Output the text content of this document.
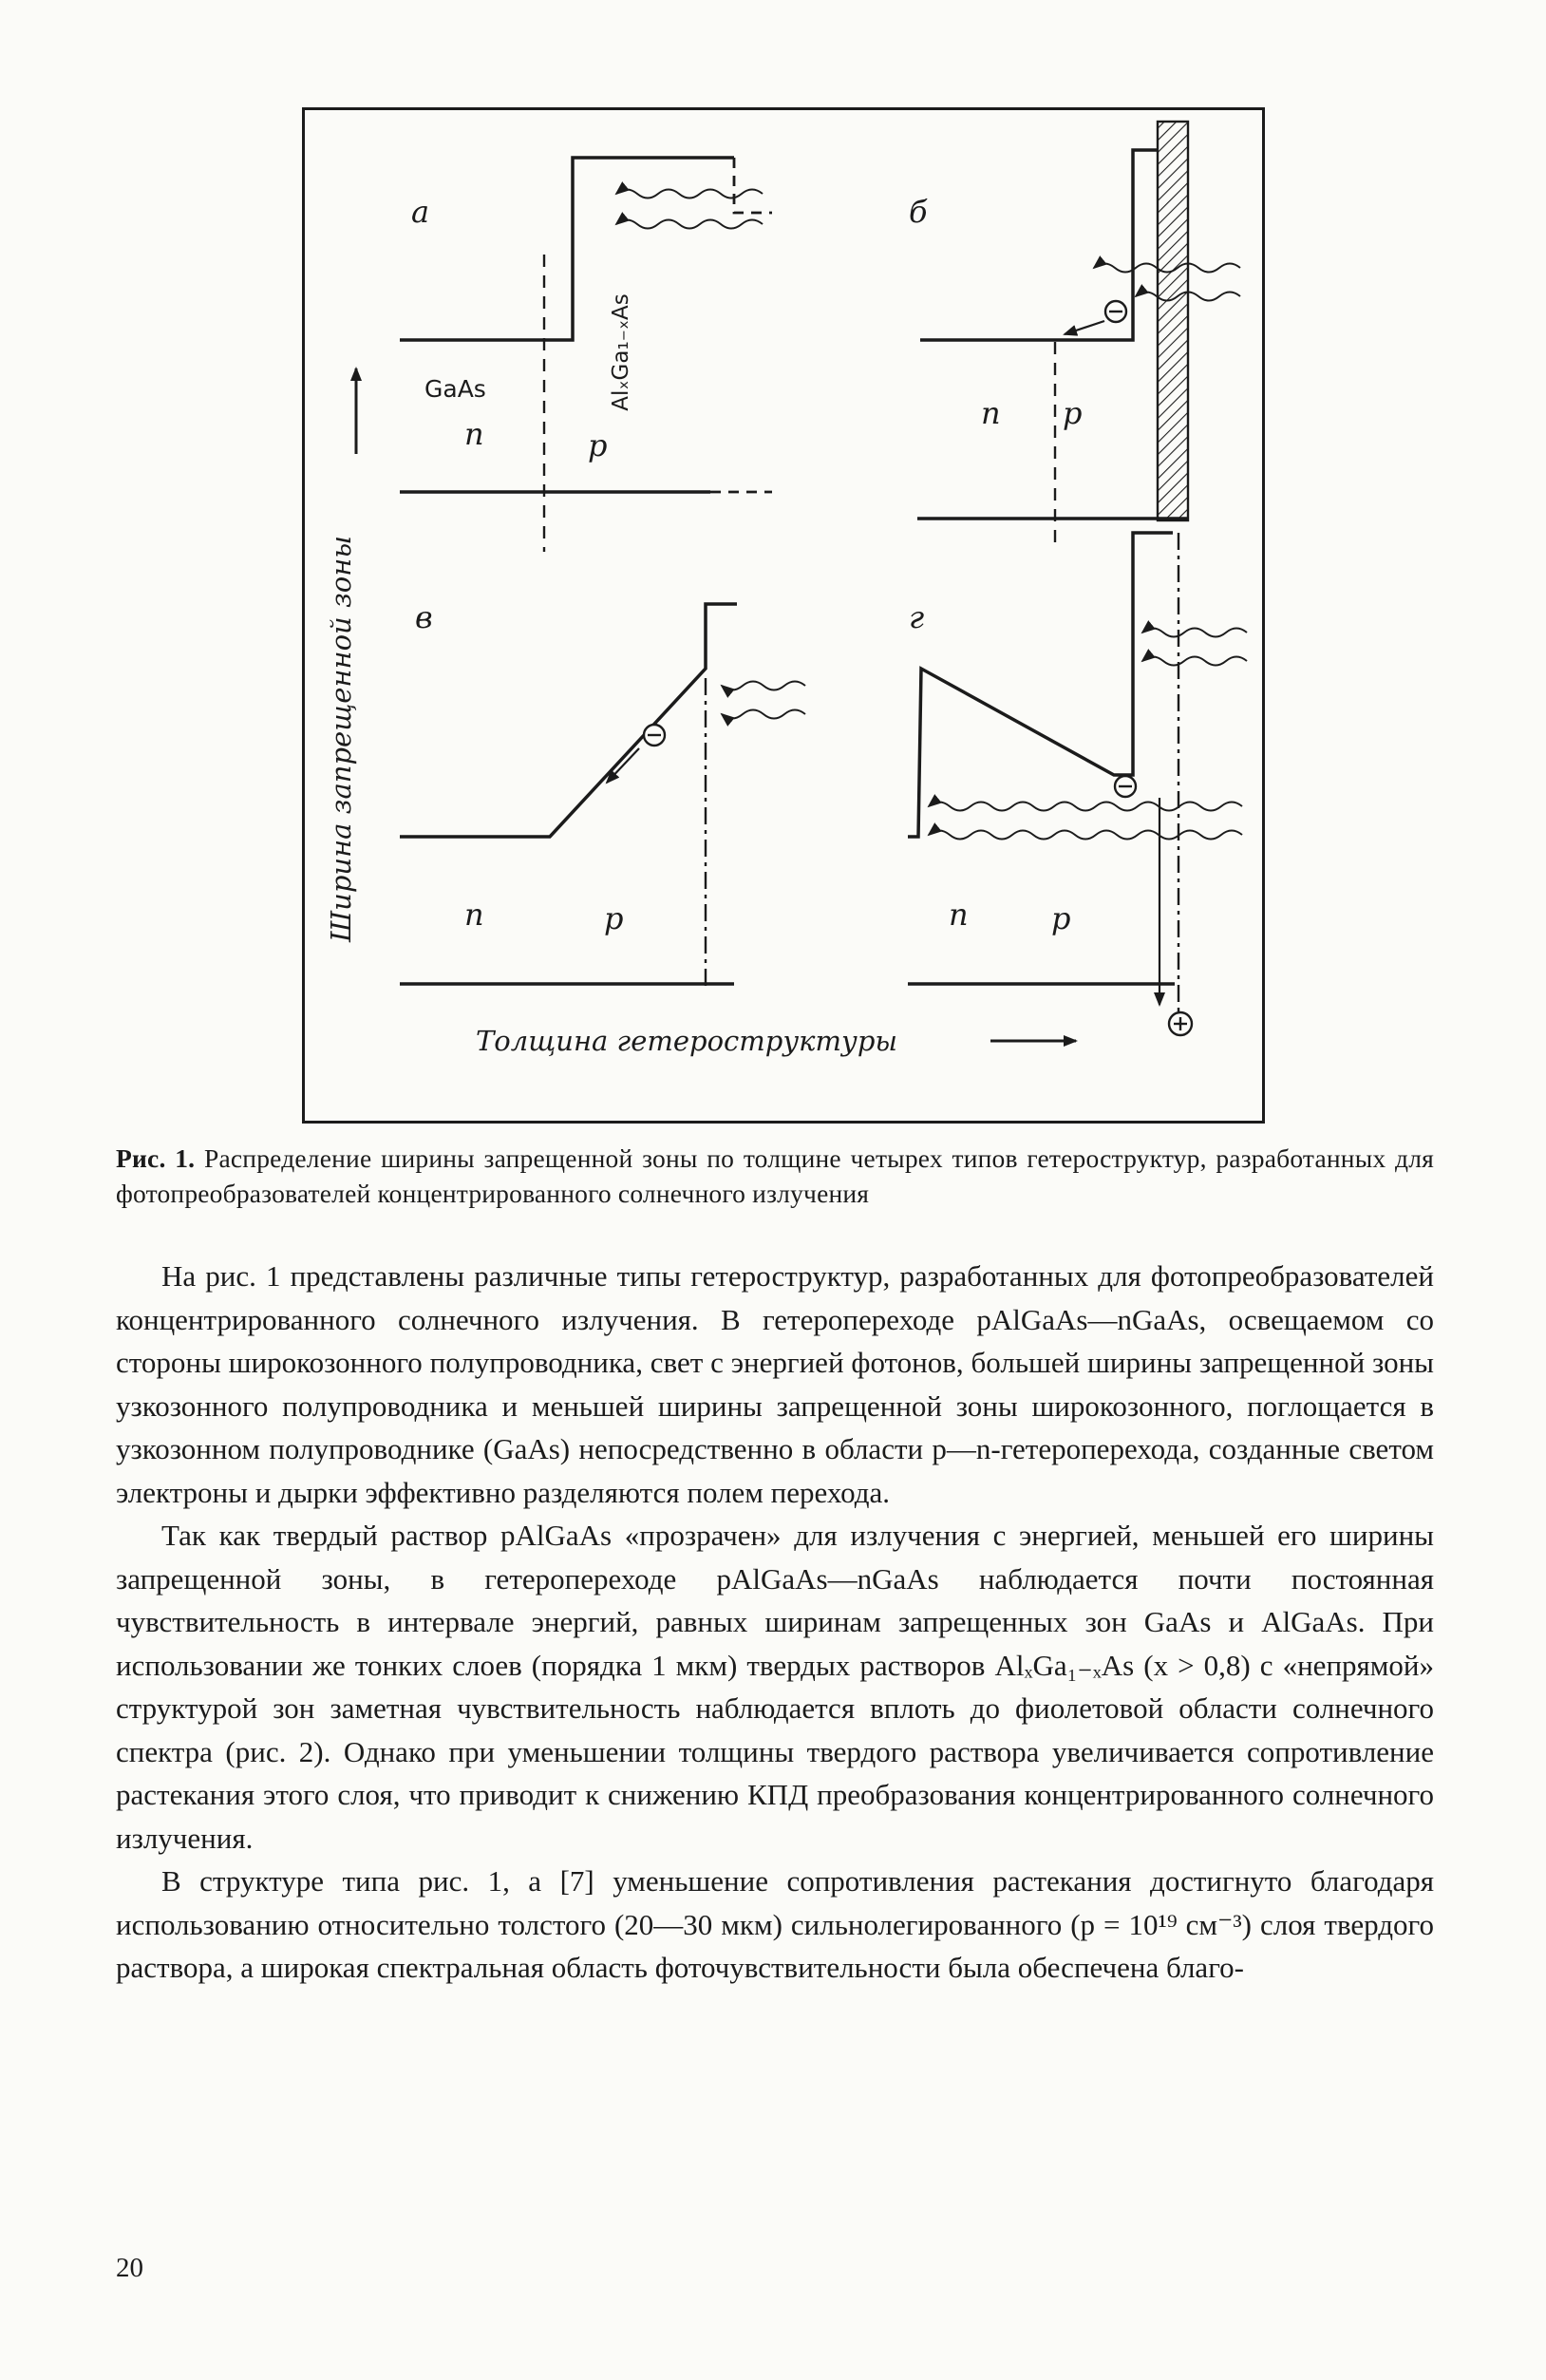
а	б
в	г
n	p
n p
n	p	n	p
GaAs	AlₓGa₁₋ₓAs
Ширина запрещенной зоны
Толщина гетероструктуры
Рис. 1. Распределение ширины запрещенной зоны по толщине четырех типов гетероструктур, разработанных для фотопреобразователей концентрированного солнечного излучения

На рис. 1 представлены различные типы гетероструктур, разработанных для фотопреобразователей концентрированного солнечного излучения. В гетеропереходе pAlGaAs—nGaAs, освещаемом со стороны широкозонного полупроводника, свет с энергией фотонов, большей ширины запрещенной зоны узкозонного полупроводника и меньшей ширины запрещенной зоны широкозонного, поглощается в узкозонном полупроводнике (GaAs) непосредственно в области p—n-гетероперехода, созданные светом электроны и дырки эффективно разделяются полем перехода.

Так как твердый раствор pAlGaAs «прозрачен» для излучения с энергией, меньшей его ширины запрещенной зоны, в гетеропереходе pAlGaAs—nGaAs наблюдается почти постоянная чувствительность в интервале энергий, равных ширинам запрещенных зон GaAs и AlGaAs. При использовании же тонких слоев (порядка 1 мкм) твердых растворов AlₓGa₁₋ₓAs (x > 0,8) с «непрямой» структурой зон заметная чувствительность наблюдается вплоть до фиолетовой области солнечного спектра (рис. 2). Однако при уменьшении толщины твердого раствора увеличивается сопротивление растекания этого слоя, что приводит к снижению КПД преобразования концентрированного солнечного излучения.

В структуре типа рис. 1, а [7] уменьшение сопротивления растекания достигнуто благодаря использованию относительно толстого (20—30 мкм) сильнолегированного (p = 10¹⁹ см⁻³) слоя твердого раствора, а широкая спектральная область фоточувствительности была обеспечена благо-

20
